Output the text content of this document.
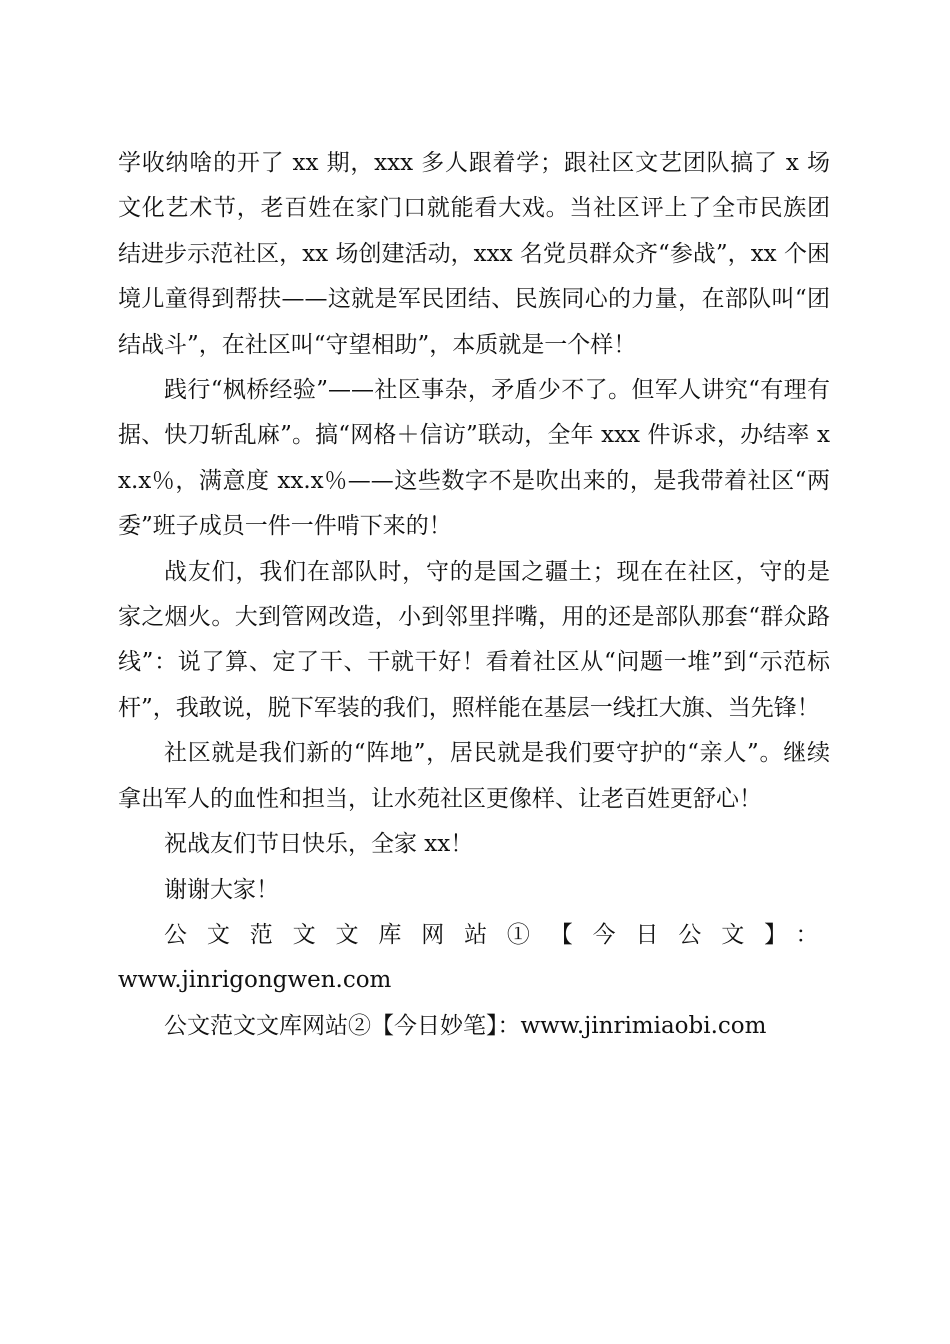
学收纳啥的开了 xx 期，xxx 多人跟着学；跟社区文艺团队搞了 x 场文化艺术节，老百姓在家门口就能看大戏。当社区评上了全市民族团结进步示范社区，xx 场创建活动，xxx 名党员群众齐“参战”，xx 个困境儿童得到帮扶——这就是军民团结、民族同心的力量，在部队叫“团结战斗”，在社区叫“守望相助”，本质就是一个样！

践行“枫桥经验”——社区事杂，矛盾少不了。但军人讲究“有理有据、快刀斩乱麻”。搞“网格＋信访”联动，全年 xxx 件诉求，办结率 xx.x％，满意度 xx.x％——这些数字不是吹出来的，是我带着社区“两委”班子成员一件一件啃下来的！

战友们，我们在部队时，守的是国之疆土；现在在社区，守的是家之烟火。大到管网改造，小到邻里拌嘴，用的还是部队那套“群众路线”：说了算、定了干、干就干好！看着社区从“问题一堆”到“示范标杆”，我敢说，脱下军装的我们，照样能在基层一线扛大旗、当先锋！

社区就是我们新的“阵地”，居民就是我们要守护的“亲人”。继续拿出军人的血性和担当，让水苑社区更像样、让老百姓更舒心！

祝战友们节日快乐，全家 xx！

谢谢大家！

公文范文文库网站①【今日公文】：
www.jinrigongwen.com

公文范文文库网站②【今日妙笔】：www.jinrimiaobi.com
